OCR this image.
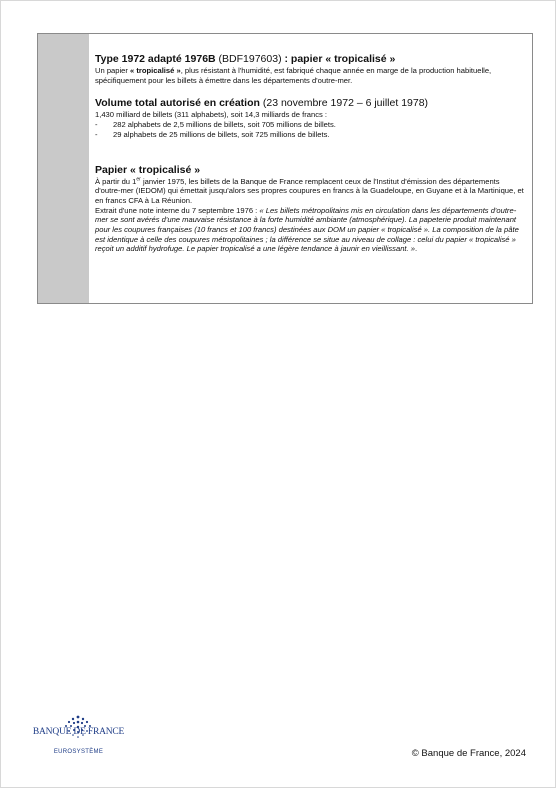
Type 1972 adapté 1976B (BDF197603) : papier « tropicalisé »

Un papier « tropicalisé », plus résistant à l'humidité, est fabriqué chaque année en marge de la production habituelle, spécifiquement pour les billets à émettre dans les départements d'outre-mer.

Volume total autorisé en création (23 novembre 1972 – 6 juillet 1978)

1,430 milliard de billets (311 alphabets), soit 14,3 milliards de francs :

- 282 alphabets de 2,5 millions de billets, soit 705 millions de billets.
- 29 alphabets de 25 millions de billets, soit 725 millions de billets.
Papier « tropicalisé »

À partir du 1er janvier 1975, les billets de la Banque de France remplacent ceux de l'Institut d'émission des départements d'outre-mer (IEDOM) qui émettait jusqu'alors ses propres coupures en francs à la Guadeloupe, en Guyane et à la Martinique, et en francs CFA à La Réunion.

Extrait d'une note interne du 7 septembre 1976 : « Les billets métropolitains mis en circulation dans les départements d'outre-mer se sont avérés d'une mauvaise résistance à la forte humidité ambiante (atmosphérique). La papeterie produit maintenant pour les coupures françaises (10 francs et 100 francs) destinées aux DOM un papier « tropicalisé ». La composition de la pâte est identique à celle des coupures métropolitaines ; la différence se situe au niveau de collage : celui du papier « tropicalisé » reçoit un additif hydrofuge. Le papier tropicalisé a une légère tendance à jaunir en vieillissant. ».

BANQUE DE FRANCE
EUROSYSTÈME	© Banque de France, 2024
